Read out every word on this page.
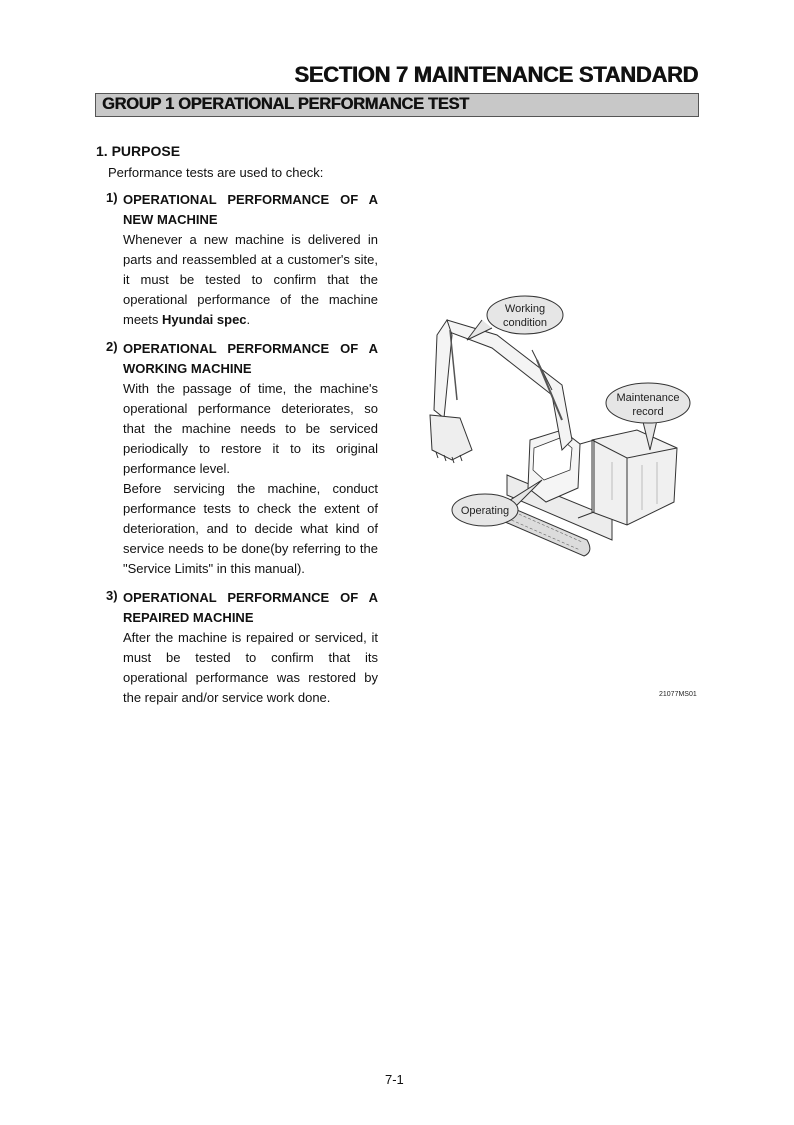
SECTION 7 MAINTENANCE STANDARD
GROUP 1 OPERATIONAL PERFORMANCE TEST
1. PURPOSE
Performance tests are used to check:
1) OPERATIONAL PERFORMANCE OF A NEW MACHINE

Whenever a new machine is delivered in parts and reassembled at a customer's site, it must be tested to confirm that the operational performance of the machine meets Hyundai spec.

2) OPERATIONAL PERFORMANCE OF A WORKING MACHINE

With the passage of time, the machine's operational performance deteriorates, so that the machine needs to be serviced periodically to restore it to its original performance level.

Before servicing the machine, conduct performance tests to check the extent of deterioration, and to decide what kind of service needs to be done(by referring to the "Service Limits" in this manual).

3) OPERATIONAL PERFORMANCE OF A REPAIRED MACHINE

After the machine is repaired or serviced, it must be tested to confirm that its operational performance was restored by the repair and/or service work done.

Working
condition
Maintenance
record
Operating
21077MS01
7-1
